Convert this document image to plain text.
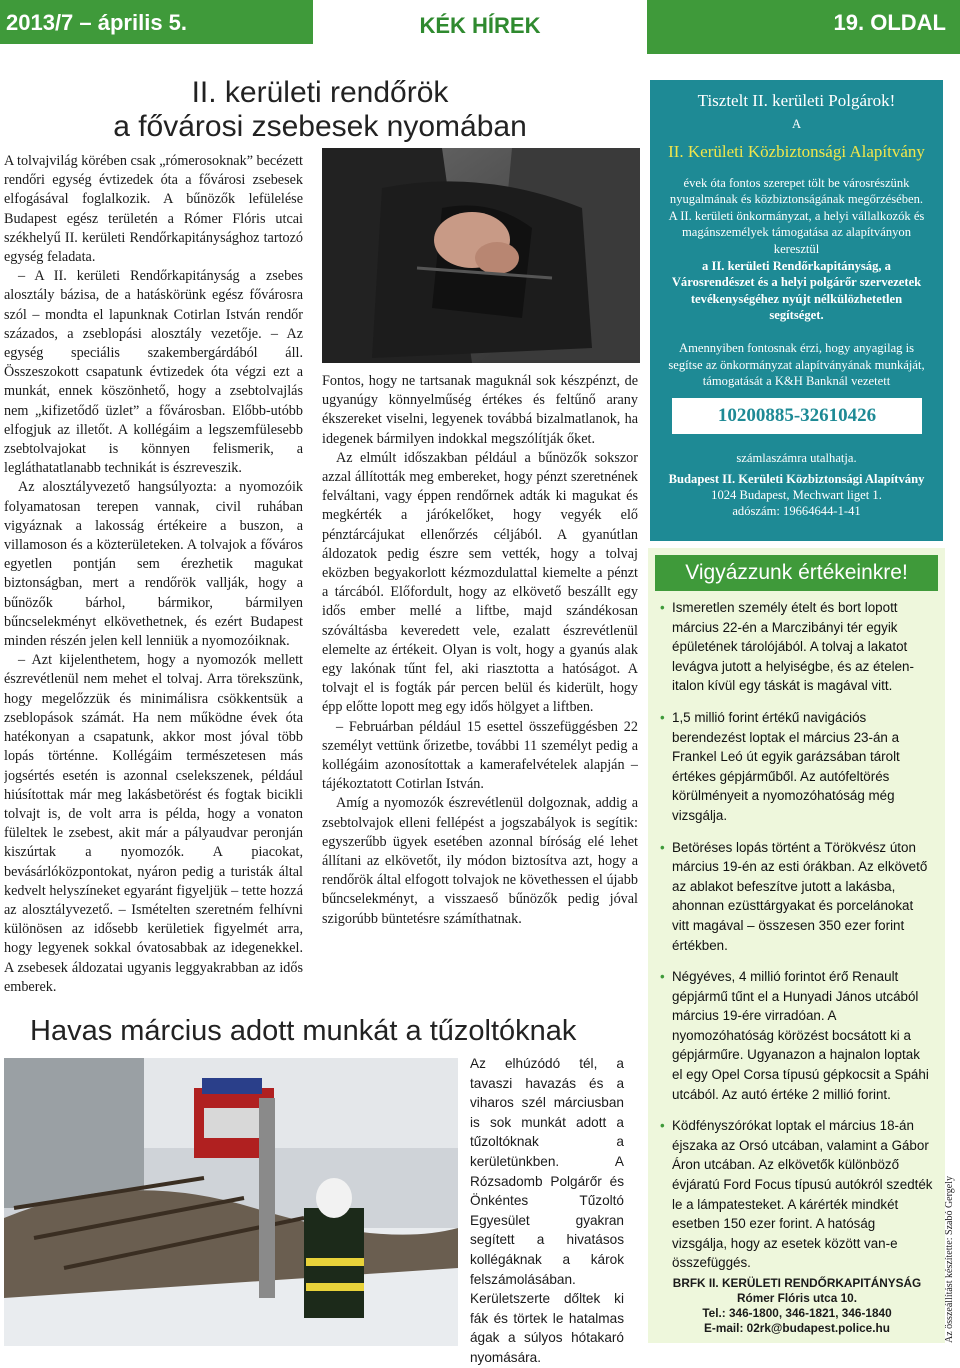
2013/7 – április 5.	KÉK HÍREK	19. OLDAL
II. kerületi rendőrök
a fővárosi zsebesek nyomában

A tolvajvilág körében csak „rómerosoknak” becézett rendőri egység évtizedek óta a fővárosi zsebesek elfogásával foglalkozik. A bűnözők lefülelése Budapest egész területén a Rómer Flóris utcai székhelyű II. kerületi Rendőrkapitánysághoz tartozó egység feladata.

– A II. kerületi Rendőrkapitányság a zsebes alosztály bázisa, de a hatáskörünk egész fővárosra szól – mondta el lapunknak Cotirlan István rendőr százados, a zseblopási alosztály vezetője. – Az egység speciális szakembergárdából áll. Összeszokott csapatunk évtizedek óta végzi ezt a munkát, ennek köszönhető, hogy a zsebtolvajlás nem „kifizetődő üzlet” a fővárosban. Előbb-utóbb elfogjuk az illetőt. A kollégáim a legszemfülesebb zsebtolvajokat is könnyen felismerik, a legláthatatlanabb technikát is észreveszik.

Az alosztályvezető hangsúlyozta: a nyomozóik folyamatosan terepen vannak, civil ruhában vigyáznak a lakosság értékeire a buszon, a villamoson és a közterületeken. A tolvajok a főváros egyetlen pontján sem érezhetik magukat biztonságban, mert a rendőrök vallják, hogy a bűnözők bárhol, bármikor, bármilyen bűncselekményt elkövethetnek, és ezért Budapest minden részén jelen kell lenniük a nyomozóiknak.

– Azt kijelenthetem, hogy a nyomozók mellett észrevétlenül nem mehet el tolvaj. Arra törekszünk, hogy megelőzzük és minimálisra csökkentsük a zseblopások számát. Ha nem működne évek óta hatékonyan a csapatunk, akkor most jóval több lopás történne. Kollégáim természetesen más jogsértés esetén is azonnal cselekszenek, például hiúsítottak már meg lakásbetörést és fogtak bicikli tolvajt is, de volt arra is példa, hogy a vonaton füleltek le zsebest, akit már a pályaudvar peronján kiszúrtak a nyomozók. A piacokat, bevásárlóközpontokat, nyáron pedig a turisták által kedvelt helyszíneket egyaránt figyeljük – tette hozzá az alosztályvezető. – Ismételten szeretném felhívni különösen az idősebb kerületiek figyelmét arra, hogy legyenek sokkal óvatosabbak az idegenekkel. A zsebesek áldozatai ugyanis leggyakrabban az idős emberek.

Fontos, hogy ne tartsanak maguknál sok készpénzt, de ugyanúgy könnyelműség értékes és feltűnő arany ékszereket viselni, legyenek továbbá bizalmatlanok, ha idegenek bármilyen indokkal megszólítják őket.

Az elmúlt időszakban például a bűnözők sokszor azzal állították meg embereket, hogy pénzt szeretnének felváltani, vagy éppen rendőrnek adták ki magukat és megkérték a járókelőket, hogy vegyék elő pénztárcájukat ellenőrzés céljából. A gyanútlan áldozatok pedig észre sem vették, hogy a tolvaj eközben begyakorlott kézmozdulattal kiemelte a pénzt a tárcából. Előfordult, hogy az elkövető beszállt egy idős ember mellé a liftbe, majd szándékosan szóváltásba keveredett vele, ezalatt észrevétlenül elemelte az értékeit. Olyan is volt, hogy a gyanús alak egy lakónak tűnt fel, aki riasztotta a hatóságot. A tolvajt el is fogták pár percen belül és kiderült, hogy épp előtte lopott meg egy idős hölgyet a liftben.

– Februárban például 15 esettel összefüggésben 22 személyt vettünk őrizetbe, további 11 személyt pedig a kollégáim azonosítottak a kamerafelvételek alapján – tájékoztatott Cotirlan István.

Amíg a nyomozók észrevétlenül dolgoznak, addig a zsebtolvajok elleni fellépést a jogszabályok is segítik: egyszerűbb ügyek esetében azonnal bíróság elé lehet állítani az elkövetőt, ily módon biztosítva azt, hogy a rendőrök által elfogott tolvajok ne követhessen el újabb bűncselekményt, a visszaeső bűnözők pedig jóval szigorúbb büntetésre számíthatnak.

Havas március adott munkát a tűzoltóknak
Az elhúzódó tél, a tavaszi havazás és a viharos szél márciusban is sok munkát adott a tűzoltóknak a kerületünkben. A Rózsadomb Polgárőr és Önkéntes Tűzoltó Egyesület gyakran segített a hivatásos kollégáknak a károk felszámolásában. Kerületszerte dőltek ki fák és törtek le hatalmas ágak a súlyos hótakaró nyomására.
Tisztelt II. kerületi Polgárok!
A
II. Kerületi Közbiztonsági Alapítvány
évek óta fontos szerepet tölt be városrészünk nyugalmának és közbiztonságának megőrzésében.
A II. kerületi önkormányzat, a helyi vállalkozók és magánszemélyek támogatása az alapítványon keresztül
a II. kerületi Rendőrkapitányság, a Városrendészet és a helyi polgárőr szervezetek tevékenységéhez nyújt nélkülözhetetlen segítséget.
Amennyiben fontosnak érzi, hogy anyagilag is segítse az önkormányzat alapítványának munkáját, támogatását a K&H Banknál vezetett
számlaszámra utalhatja.
Budapest II. Kerületi Közbiztonsági Alapítvány
1024 Budapest, Mechwart liget 1.
adószám: 19664644-1-41
10200885-32610426
Vigyázzunk értékeinkre!
• Ismeretlen személy ételt és bort lopott március 22-én a Marczibányi tér egyik épületének tárolójából. A tolvaj a lakatot levágva jutott a helyiségbe, és az ételen-italon kívül egy táskát is magával vitt.
• 1,5 millió forint értékű navigációs berendezést loptak el március 23-án a Frankel Leó út egyik garázsában tárolt értékes gépjárműből. Az autófeltörés körülményeit a nyomozóhatóság még vizsgálja.
• Betöréses lopás történt a Törökvész úton március 19-én az esti órákban. Az elkövető az ablakot befeszítve jutott a lakásba, ahonnan ezüsttárgyakat és porcelánokat vitt magával – összesen 350 ezer forint értékben.
• Négyéves, 4 millió forintot érő Renault gépjármű tűnt el a Hunyadi János utcából március 19-ére virradóan. A nyomozóhatóság körözést bocsátott ki a gépjárműre. Ugyanazon a hajnalon loptak el egy Opel Corsa típusú gépkocsit a Spáhi utcából. Az autó értéke 2 millió forint.
• Ködfényszórókat loptak el március 18-án éjszaka az Orsó utcában, valamint a Gábor Áron utcában. Az elkövetők különböző évjáratú Ford Focus típusú autókról szedték le a lámpatesteket. A kárérték mindkét esetben 150 ezer forint. A hatóság vizsgálja, hogy az esetek között van-e összefüggés.
BRFK II. KERÜLETI RENDŐRKAPITÁNYSÁG
Rómer Flóris utca 10.
Tel.: 346-1800, 346-1821, 346-1840
E-mail: 02rk@budapest.police.hu	Az összeállítást készítette: Szabó Gergely
